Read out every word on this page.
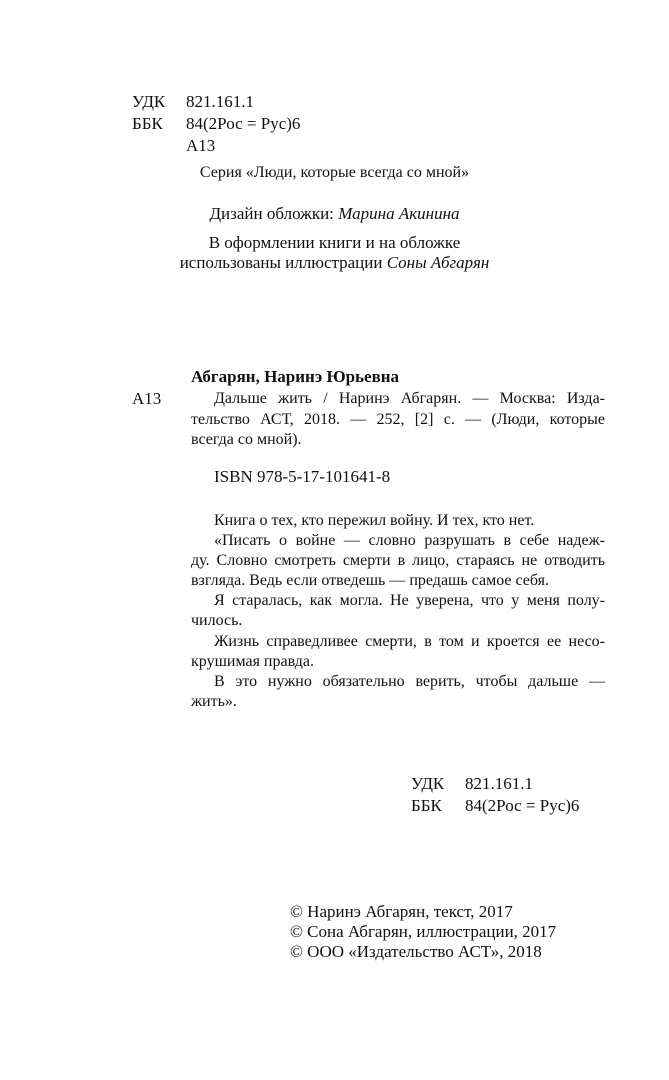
УДК 821.161.1
ББК 84(2Рос = Рус)6
А13
Серия «Люди, которые всегда со мной»
Дизайн обложки: Марина Акинина
В оформлении книги и на обложке
использованы иллюстрации Соны Абгарян
Абгарян, Наринэ Юрьевна
А13	Дальше жить / Наринэ Абгарян. — Москва: Изда-
тельство АСТ, 2018. — 252, [2] с. — (Люди, которые
всегда со мной).
ISBN 978-5-17-101641-8
Книга о тех, кто пережил войну. И тех, кто нет.
«Писать о войне — словно разрушать в себе надеж-
ду. Словно смотреть смерти в лицо, стараясь не отводить
взгляда. Ведь если отведешь — предашь самое себя.
Я старалась, как могла. Не уверена, что у меня полу-
чилось.
Жизнь справедливее смерти, в том и кроется ее несо-
крушимая правда.
В это нужно обязательно верить, чтобы дальше —
жить».
УДК 821.161.1
ББК 84(2Рос = Рус)6
© Наринэ Абгарян, текст, 2017
© Сона Абгарян, иллюстрации, 2017
© ООО «Издательство АСТ», 2018
